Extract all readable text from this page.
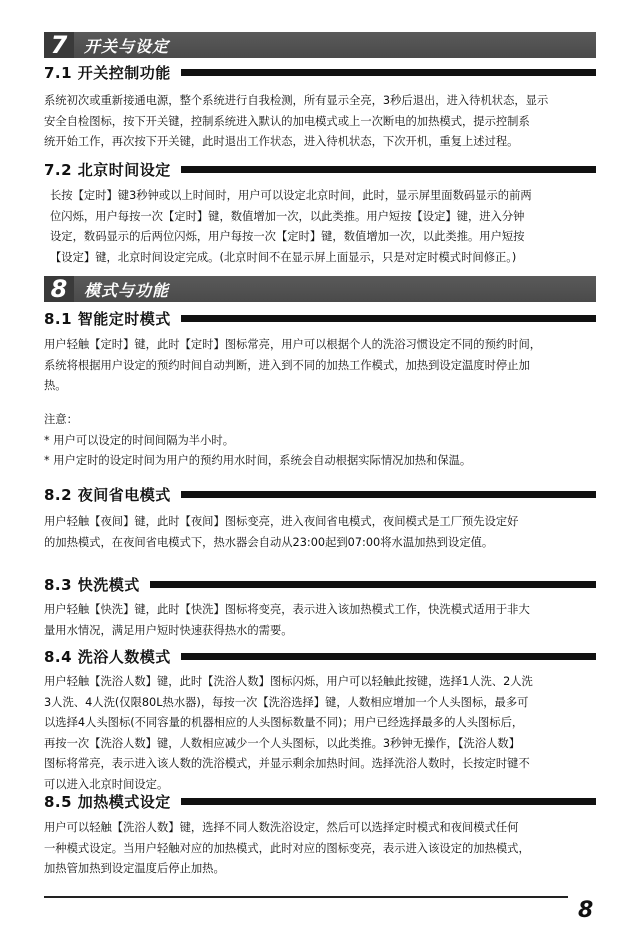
7	开关与设定
7.1 开关控制功能

系统初次或重新接通电源，整个系统进行自我检测，所有显示全亮，3秒后退出，进入待机状态，显示
安全自检图标，按下开关键，控制系统进入默认的加电模式或上一次断电的加热模式，提示控制系
统开始工作，再次按下开关键，此时退出工作状态，进入待机状态，下次开机，重复上述过程。

7.2 北京时间设定

长按【定时】键3秒钟或以上时间时，用户可以设定北京时间，此时，显示屏里面数码显示的前两
位闪烁，用户每按一次【定时】键，数值增加一次，以此类推。用户短按【设定】键，进入分钟
设定，数码显示的后两位闪烁，用户每按一次【定时】键，数值增加一次，以此类推。用户短按
【设定】键，北京时间设定完成。(北京时间不在显示屏上面显示，只是对定时模式时间修正。)

8	模式与功能
8.1 智能定时模式

用户轻触【定时】键，此时【定时】图标常亮，用户可以根据个人的洗浴习惯设定不同的预约时间，
系统将根据用户设定的预约时间自动判断，进入到不同的加热工作模式，加热到设定温度时停止加
热。

注意：
* 用户可以设定的时间间隔为半小时。
* 用户定时的设定时间为用户的预约用水时间，系统会自动根据实际情况加热和保温。

8.2 夜间省电模式

用户轻触【夜间】键，此时【夜间】图标变亮，进入夜间省电模式，夜间模式是工厂预先设定好
的加热模式，在夜间省电模式下，热水器会自动从23:00起到07:00将水温加热到设定值。

8.3 快洗模式

用户轻触【快洗】键，此时【快洗】图标将变亮，表示进入该加热模式工作，快洗模式适用于非大
量用水情况，满足用户短时快速获得热水的需要。

8.4 洗浴人数模式

用户轻触【洗浴人数】键，此时【洗浴人数】图标闪烁，用户可以轻触此按键，选择1人洗、2人洗
3人洗、4人洗(仅限80L热水器)，每按一次【洗浴选择】键，人数相应增加一个人头图标，最多可
以选择4人头图标(不同容量的机器相应的人头图标数量不同)；用户已经选择最多的人头图标后，
再按一次【洗浴人数】键，人数相应减少一个人头图标，以此类推。3秒钟无操作，【洗浴人数】
图标将常亮，表示进入该人数的洗浴模式，并显示剩余加热时间。选择洗浴人数时，长按定时键不
可以进入北京时间设定。

8.5 加热模式设定

用户可以轻触【洗浴人数】键，选择不同人数洗浴设定，然后可以选择定时模式和夜间模式任何
一种模式设定。当用户轻触对应的加热模式，此时对应的图标变亮，表示进入该设定的加热模式，
加热管加热到设定温度后停止加热。

8
